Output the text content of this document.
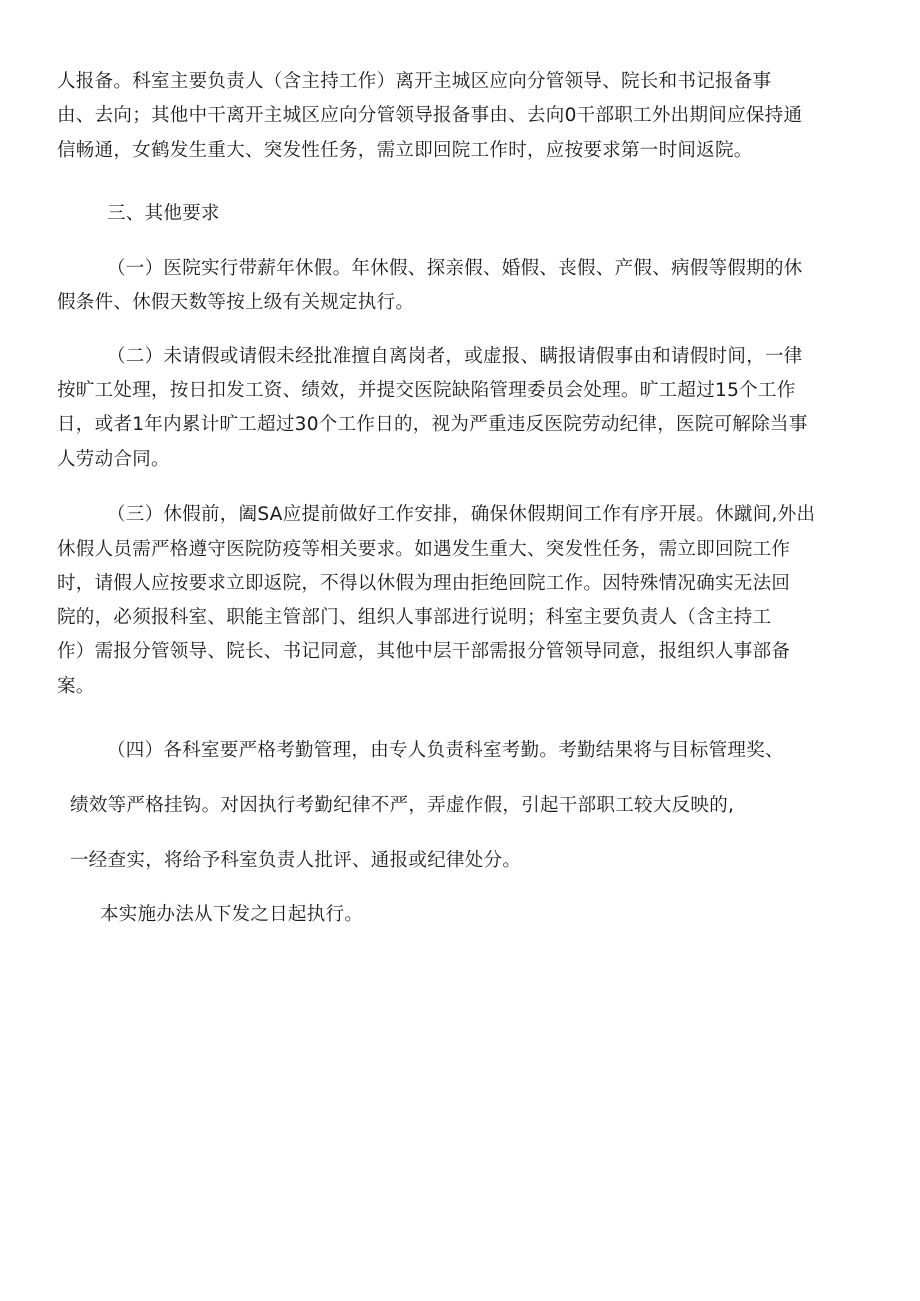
人报备。科室主要负责人（含主持工作）离开主城区应向分管领导、院长和书记报备事
由、去向；其他中干离开主城区应向分管领导报备事由、去向0干部职工外出期间应保持通
信畅通，女鹤发生重大、突发性任务，需立即回院工作时，应按要求第一时间返院。
三、其他要求
（一）医院实行带薪年休假。年休假、探亲假、婚假、丧假、产假、病假等假期的休
假条件、休假天数等按上级有关规定执行。
（二）未请假或请假未经批准擅自离岗者，或虚报、瞒报请假事由和请假时间，一律
按旷工处理，按日扣发工资、绩效，并提交医院缺陷管理委员会处理。旷工超过15个工作
日，或者1年内累计旷工超过30个工作日的，视为严重违反医院劳动纪律，医院可解除当事
人劳动合同。
（三）休假前，阖SA应提前做好工作安排，确保休假期间工作有序开展。休蹴间,外出
休假人员需严格遵守医院防疫等相关要求。如遇发生重大、突发性任务，需立即回院工作
时，请假人应按要求立即返院，不得以休假为理由拒绝回院工作。因特殊情况确实无法回
院的，必须报科室、职能主管部门、组织人事部进行说明；科室主要负责人（含主持工
作）需报分管领导、院长、书记同意，其他中层干部需报分管领导同意，报组织人事部备
案。
（四）各科室要严格考勤管理，由专人负责科室考勤。考勤结果将与目标管理奖、
绩效等严格挂钩。对因执行考勤纪律不严，弄虚作假，引起干部职工较大反映的,
一经查实，将给予科室负责人批评、通报或纪律处分。
本实施办法从下发之日起执行。
